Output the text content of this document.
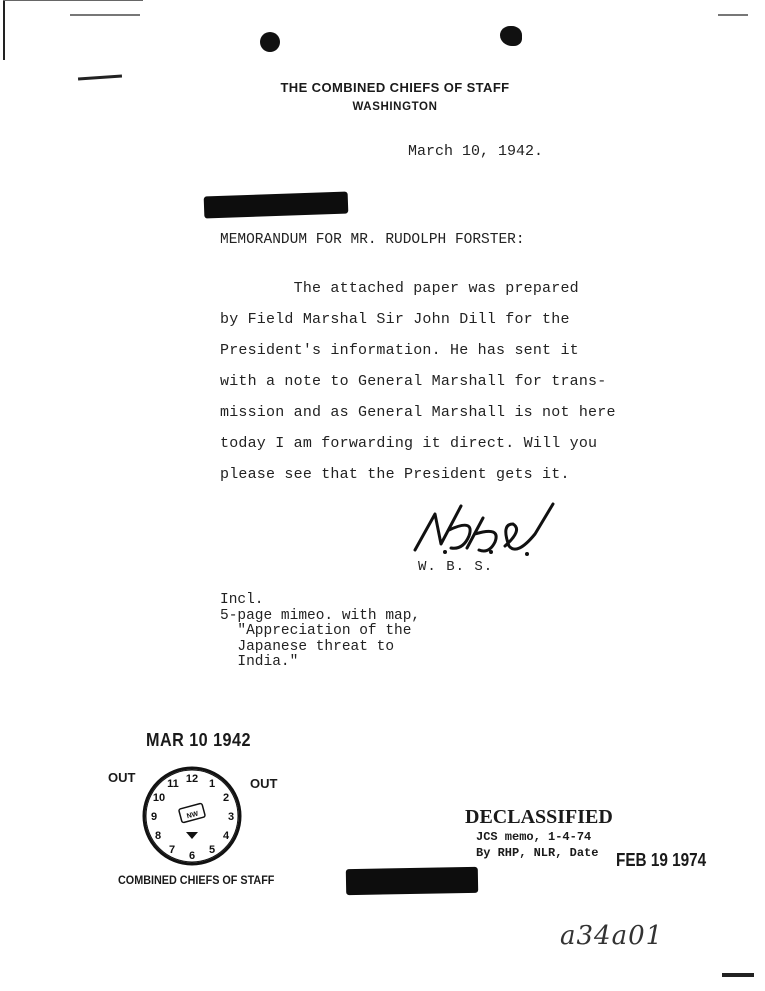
THE COMBINED CHIEFS OF STAFF
WASHINGTON
March 10, 1942.
MEMORANDUM FOR MR. RUDOLPH FORSTER:
The attached paper was prepared
by Field Marshal Sir John Dill for the
President's information. He has sent it
with a note to General Marshall for trans-
mission and as General Marshall is not here
today I am forwarding it direct. Will you
please see that the President gets it.
W. B. S.
Incl.
5-page mimeo. with map,
"Appreciation of the
Japanese threat to
India."
MAR 10 1942
OUT	OUT
12 1
2
3
4
5
6
7
8
9
10
11
NW
COMBINED CHIEFS OF STAFF
DECLASSIFIED
JCS memo, 1-4-74
By RHP, NLR, Date FEB 19 1974
a34a01
